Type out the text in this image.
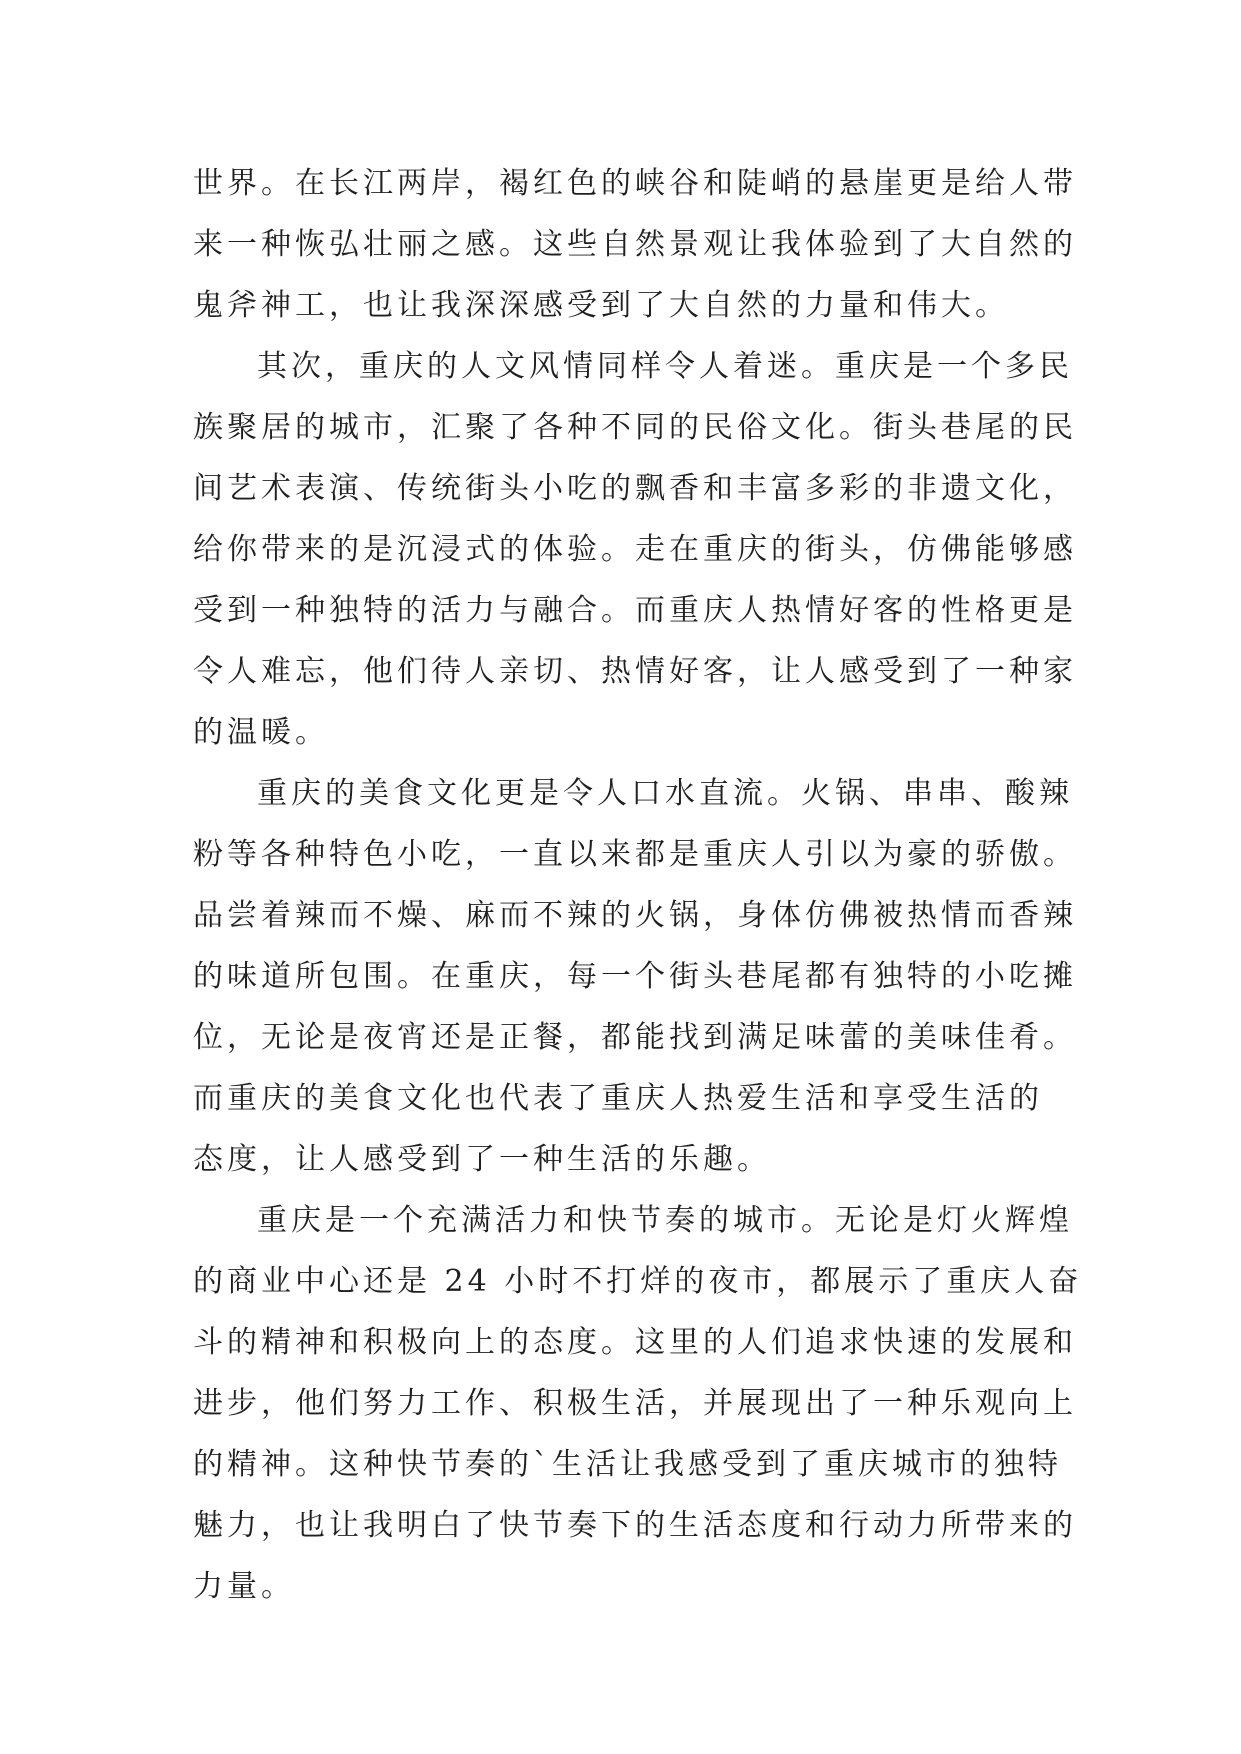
世界。在长江两岸，褐红色的峡谷和陡峭的悬崖更是给人带
来一种恢弘壮丽之感。这些自然景观让我体验到了大自然的
鬼斧神工，也让我深深感受到了大自然的力量和伟大。
其次，重庆的人文风情同样令人着迷。重庆是一个多民
族聚居的城市，汇聚了各种不同的民俗文化。街头巷尾的民
间艺术表演、传统街头小吃的飘香和丰富多彩的非遗文化，
给你带来的是沉浸式的体验。走在重庆的街头，仿佛能够感
受到一种独特的活力与融合。而重庆人热情好客的性格更是
令人难忘，他们待人亲切、热情好客，让人感受到了一种家
的温暖。
重庆的美食文化更是令人口水直流。火锅、串串、酸辣
粉等各种特色小吃，一直以来都是重庆人引以为豪的骄傲。
品尝着辣而不燥、麻而不辣的火锅，身体仿佛被热情而香辣
的味道所包围。在重庆，每一个街头巷尾都有独特的小吃摊
位，无论是夜宵还是正餐，都能找到满足味蕾的美味佳肴。
而重庆的美食文化也代表了重庆人热爱生活和享受生活的
态度，让人感受到了一种生活的乐趣。
重庆是一个充满活力和快节奏的城市。无论是灯火辉煌
的商业中心还是 24 小时不打烊的夜市，都展示了重庆人奋
斗的精神和积极向上的态度。这里的人们追求快速的发展和
进步，他们努力工作、积极生活，并展现出了一种乐观向上
的精神。这种快节奏的`生活让我感受到了重庆城市的独特
魅力，也让我明白了快节奏下的生活态度和行动力所带来的
力量。
